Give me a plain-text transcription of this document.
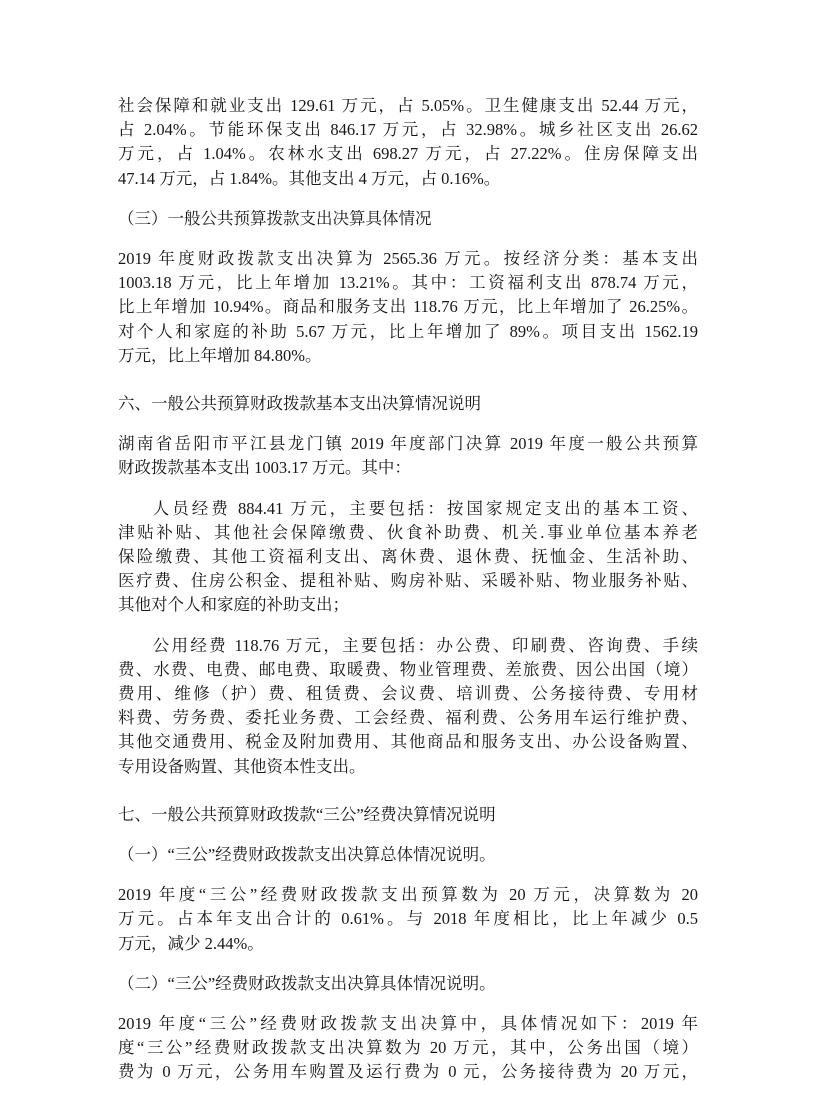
社会保障和就业支出 129.61 万元，占 5.05%。卫生健康支出 52.44 万元，
占 2.04%。节能环保支出 846.17 万元，占 32.98%。城乡社区支出 26.62
万元，占 1.04%。农林水支出 698.27 万元，占 27.22%。住房保障支出
47.14 万元，占 1.84%。其他支出 4 万元，占 0.16%。

（三）一般公共预算拨款支出决算具体情况

2019 年度财政拨款支出决算为 2565.36 万元。按经济分类：基本支出
1003.18 万元，比上年增加 13.21%。其中：工资福利支出 878.74 万元，
比上年增加 10.94%。商品和服务支出 118.76 万元，比上年增加了 26.25%。
对个人和家庭的补助 5.67 万元，比上年增加了 89%。项目支出 1562.19
万元，比上年增加 84.80%。

六、一般公共预算财政拨款基本支出决算情况说明

湖南省岳阳市平江县龙门镇 2019 年度部门决算 2019 年度一般公共预算
财政拨款基本支出 1003.17 万元。其中：

人员经费 884.41 万元，主要包括：按国家规定支出的基本工资、
津贴补贴、其他社会保障缴费、伙食补助费、机关.事业单位基本养老
保险缴费、其他工资福利支出、离休费、退休费、抚恤金、生活补助、
医疗费、住房公积金、提租补贴、购房补贴、采暖补贴、物业服务补贴、
其他对个人和家庭的补助支出；

公用经费 118.76 万元，主要包括：办公费、印刷费、咨询费、手续
费、水费、电费、邮电费、取暖费、物业管理费、差旅费、因公出国（境）
费用、维修（护）费、租赁费、会议费、培训费、公务接待费、专用材
料费、劳务费、委托业务费、工会经费、福利费、公务用车运行维护费、
其他交通费用、税金及附加费用、其他商品和服务支出、办公设备购置、
专用设备购置、其他资本性支出。

七、一般公共预算财政拨款“三公”经费决算情况说明

（一）“三公”经费财政拨款支出决算总体情况说明。

2019 年度“三公”经费财政拨款支出预算数为 20 万元，决算数为 20
万元。占本年支出合计的 0.61%。与 2018 年度相比，比上年减少 0.5
万元，减少 2.44%。

（二）“三公”经费财政拨款支出决算具体情况说明。

2019 年度“三公”经费财政拨款支出决算中，具体情况如下：2019 年
度“三公”经费财政拨款支出决算数为 20 万元，其中，公务出国（境）
费为 0 万元，公务用车购置及运行费为 0 元，公务接待费为 20 万元，
